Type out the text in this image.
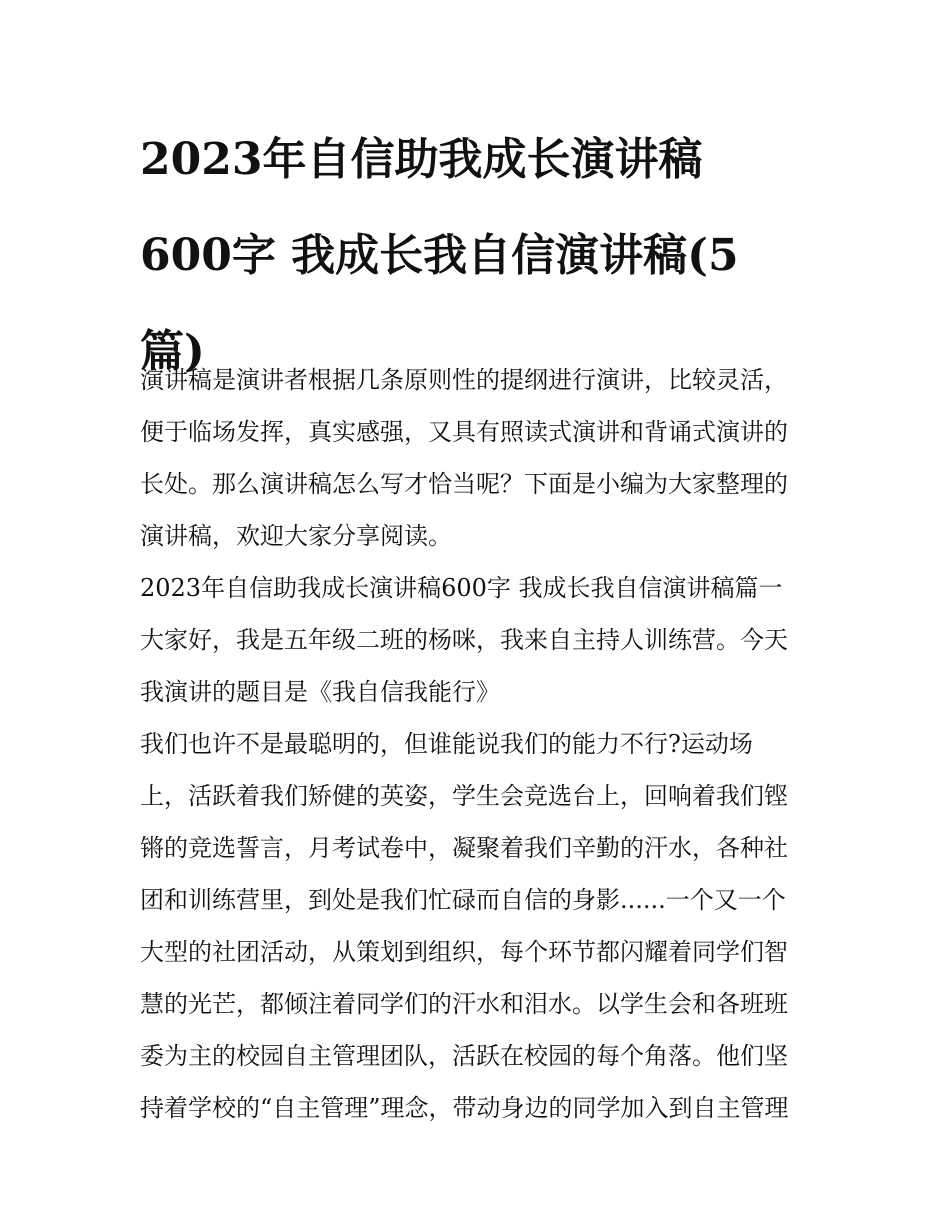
2023年自信助我成长演讲稿
600字 我成长我自信演讲稿(5
篇)
演讲稿是演讲者根据几条原则性的提纲进行演讲，比较灵活，
便于临场发挥，真实感强，又具有照读式演讲和背诵式演讲的
长处。那么演讲稿怎么写才恰当呢？下面是小编为大家整理的
演讲稿，欢迎大家分享阅读。
2023年自信助我成长演讲稿600字 我成长我自信演讲稿篇一
大家好，我是五年级二班的杨咪，我来自主持人训练营。今天
我演讲的题目是《我自信我能行》
我们也许不是最聪明的，但谁能说我们的能力不行?运动场
上，活跃着我们矫健的英姿，学生会竞选台上，回响着我们铿
锵的竞选誓言，月考试卷中，凝聚着我们辛勤的汗水，各种社
团和训练营里，到处是我们忙碌而自信的身影......一个又一个
大型的社团活动，从策划到组织，每个环节都闪耀着同学们智
慧的光芒，都倾注着同学们的汗水和泪水。以学生会和各班班
委为主的校园自主管理团队，活跃在校园的每个角落。他们坚
持着学校的“自主管理”理念，带动身边的同学加入到自主管理
